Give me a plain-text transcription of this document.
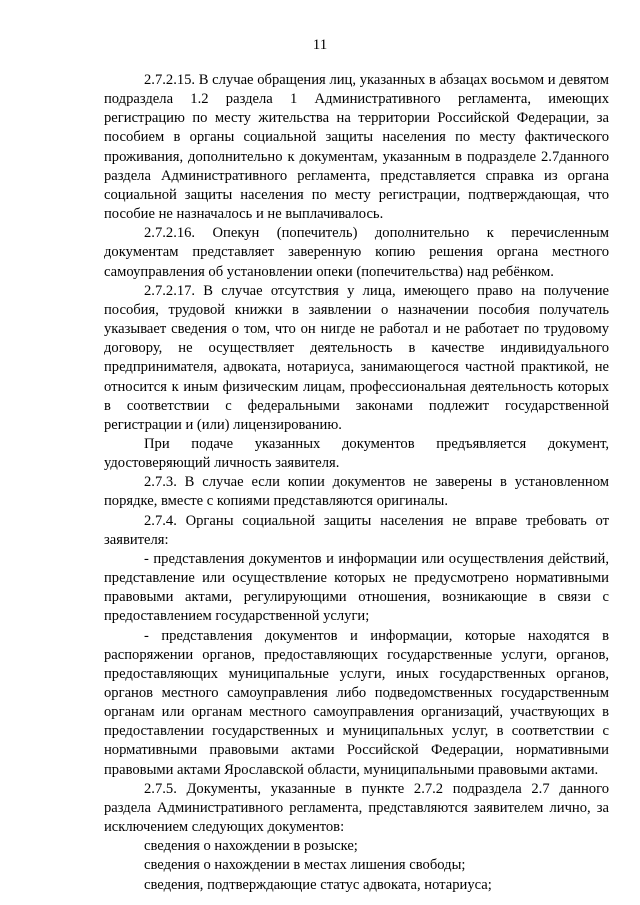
11

2.7.2.15. В случае обращения лиц, указанных в абзацах восьмом и девятом подраздела 1.2 раздела 1 Административного регламента, имеющих регистрацию по месту жительства на территории Российской Федерации, за пособием в органы социальной защиты населения по месту фактического проживания, дополнительно к документам, указанным в подразделе 2.7данного раздела Административного регламента, представляется справка из органа социальной защиты населения по месту регистрации, подтверждающая, что пособие не назначалось и не выплачивалось.

2.7.2.16. Опекун (попечитель) дополнительно к перечисленным документам представляет заверенную копию решения органа местного самоуправления об установлении опеки (попечительства) над ребёнком.

2.7.2.17. В случае отсутствия у лица, имеющего право на получение пособия, трудовой книжки в заявлении о назначении пособия получатель указывает сведения о том, что он нигде не работал и не работает по трудовому договору, не осуществляет деятельность в качестве индивидуального предпринимателя, адвоката, нотариуса, занимающегося частной практикой, не относится к иным физическим лицам, профессиональная деятельность которых в соответствии с федеральными законами подлежит государственной регистрации и (или) лицензированию.

При подаче указанных документов предъявляется документ, удостоверяющий личность заявителя.

2.7.3. В случае если копии документов не заверены в установленном порядке, вместе с копиями представляются оригиналы.

2.7.4. Органы социальной защиты населения не вправе требовать от заявителя:

- представления документов и информации или осуществления действий, представление или осуществление которых не предусмотрено нормативными правовыми актами, регулирующими отношения, возникающие в связи с предоставлением государственной услуги;

- представления документов и информации, которые находятся в распоряжении органов, предоставляющих государственные услуги, органов, предоставляющих муниципальные услуги, иных государственных органов, органов местного самоуправления либо подведомственных государственным органам или органам местного самоуправления организаций, участвующих в предоставлении государственных и муниципальных услуг, в соответствии с нормативными правовыми актами Российской Федерации, нормативными правовыми актами Ярославской области, муниципальными правовыми актами.

2.7.5. Документы, указанные в пункте 2.7.2 подраздела 2.7 данного раздела Административного регламента, представляются заявителем лично, за исключением следующих документов:

сведения о нахождении в розыске;

сведения о нахождении в местах лишения свободы;

сведения, подтверждающие статус адвоката, нотариуса;
